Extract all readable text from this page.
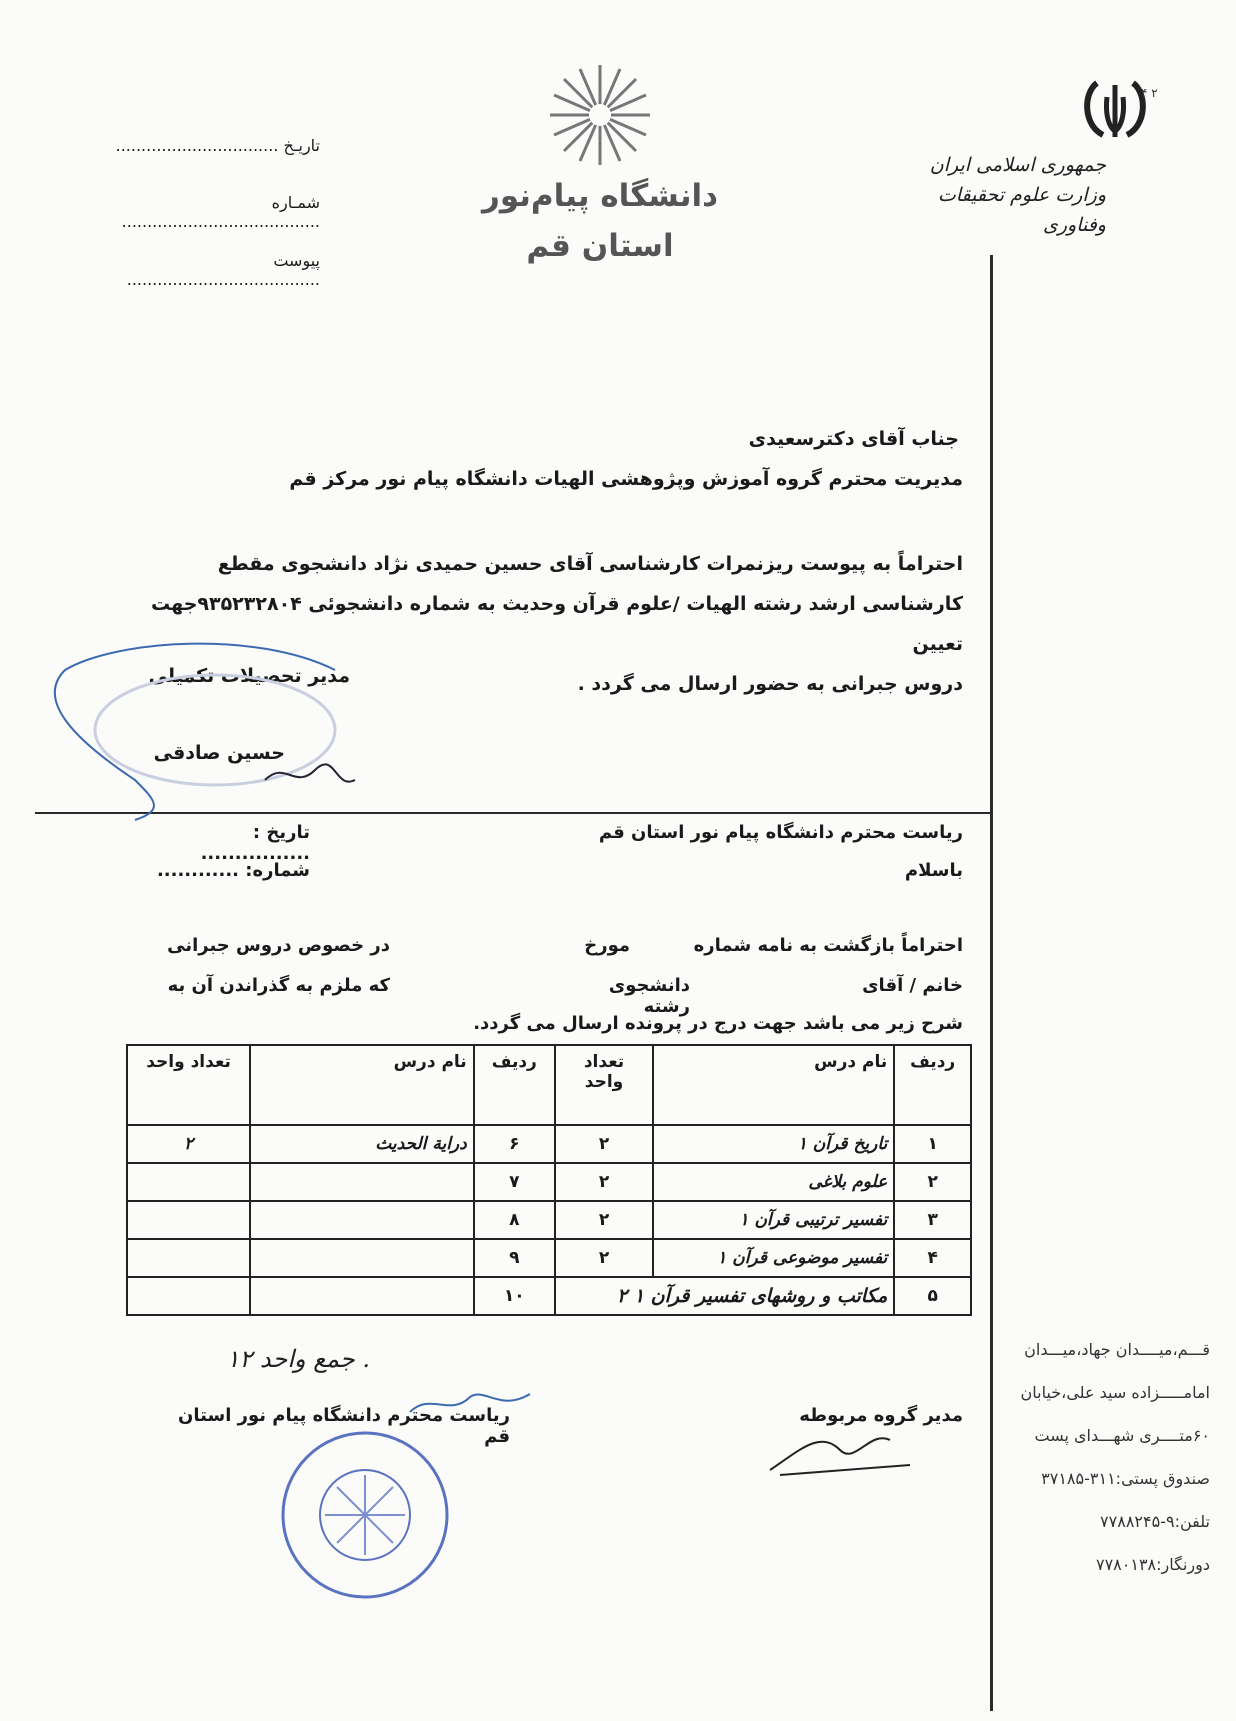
۴ ۲
جمهوری اسلامی ایران
وزارت علوم تحقیقات وفناوری
دانشگاه پیام‌نور
استان قم
تاریـخ ................................
شمـاره .......................................
پیوست ......................................
جناب آقای دکترسعیدی
مدیریت محترم گروه آموزش وپژوهشی الهیات دانشگاه پیام نور مرکز قم
احتراماً به پیوست ریزنمرات کارشناسی آقای حسین حمیدی نژاد دانشجوی مقطع
کارشناسی ارشد رشته الهیات /علوم قرآن وحدیث به شماره دانشجوئی ۹۳۵۲۳۲۸۰۴جهت تعیین
دروس جبرانی به حضور ارسال می گردد .
مدیر تحصیلات تکمیلی
حسین صادقی
تاریخ : ................
شماره: ............
ریاست محترم دانشگاه پیام نور استان قم
باسلام
احتراماً بازگشت به نامه شماره
مورخ
در خصوص دروس جبرانی
خانم / آقای
دانشجوی رشته
که ملزم به گذراندن آن به
شرح زیر می باشد جهت درج در پرونده ارسال می گردد.
ردیف	نام درس	تعداد واحد	ردیف	نام درس	تعداد واحد
۱	تاریخ قرآن ۱	۲	۶	درایة الحدیث	۲
۲	علوم بلاغی	۲	۷		
۳	تفسیر ترتیبی قرآن ۱	۲	۸		
۴	تفسیر موضوعی قرآن ۱	۲	۹		
۵	مکاتب و روشهای تفسیر قرآن ۱ ۲		۱۰		
. جمع واحد ۱۲
ریاست محترم دانشگاه پیام نور استان قم
مدیر گروه مربوطه
قـــم،میــــدان جهاد،میـــدان
امامـــــزاده سید علی،خیابان
۶۰متــــری شهـــدای پست
صندوق پستی:۳۱۱-۳۷۱۸۵
تلفن:۹-۷۷۸۸۲۴۵
دورنگار:۷۷۸۰۱۳۸
